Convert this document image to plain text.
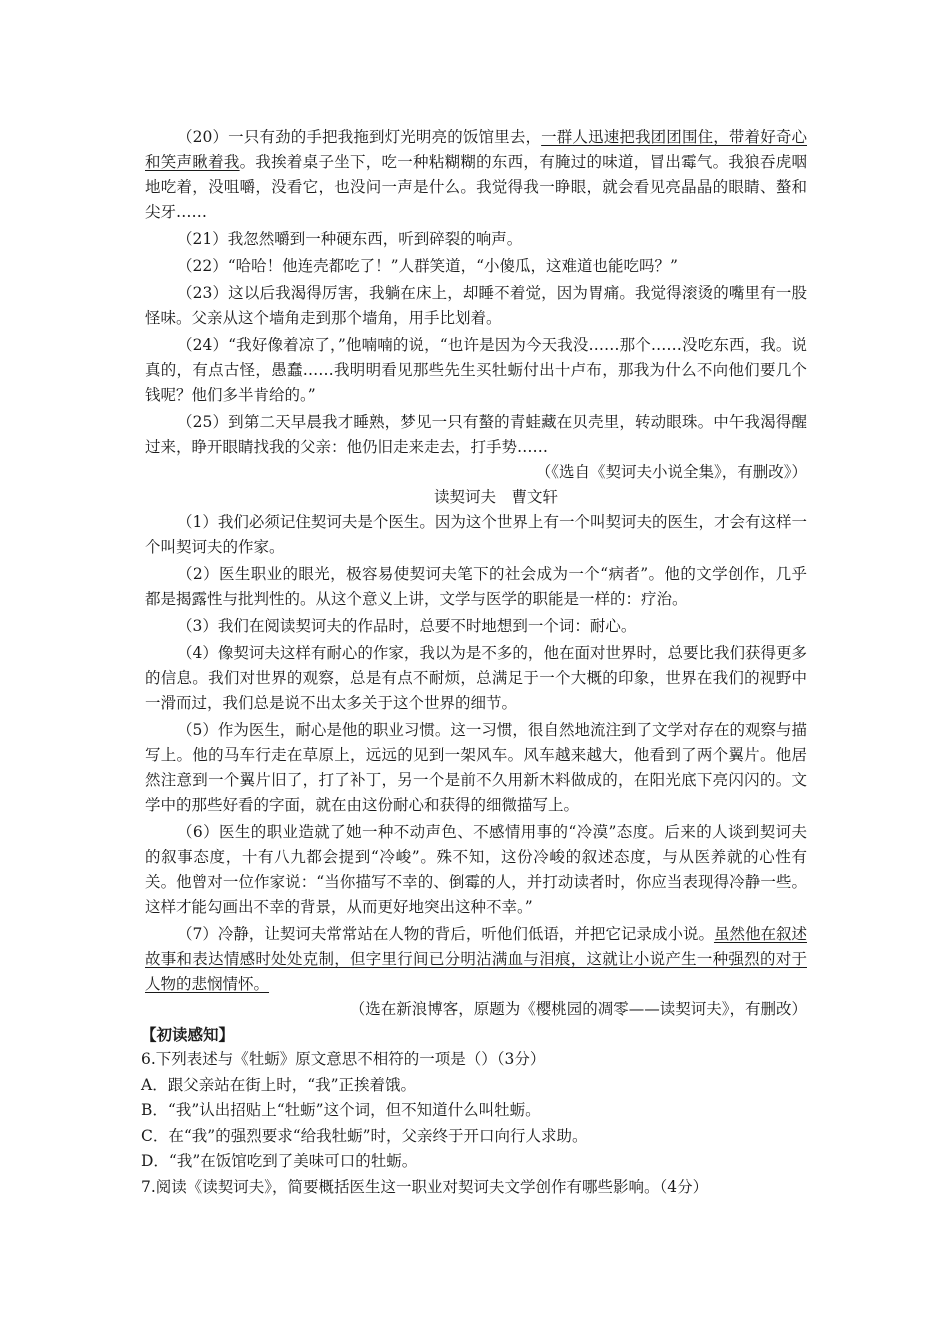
（20）一只有劲的手把我拖到灯光明亮的饭馆里去，一群人迅速把我团团围住，带着好奇心和笑声瞅着我。我挨着桌子坐下，吃一种粘糊糊的东西，有腌过的味道，冒出霉气。我狼吞虎咽地吃着，没咀嚼，没看它，也没问一声是什么。我觉得我一睁眼，就会看见亮晶晶的眼睛、螯和尖牙……

（21）我忽然嚼到一种硬东西，听到碎裂的响声。

（22）“哈哈！他连壳都吃了！”人群笑道，“小傻瓜，这难道也能吃吗？”

（23）这以后我渴得厉害，我躺在床上，却睡不着觉，因为胃痛。我觉得滚烫的嘴里有一股怪味。父亲从这个墙角走到那个墙角，用手比划着。

（24）“我好像着凉了，”他喃喃的说，“也许是因为今天我没……那个……没吃东西，我。说真的，有点古怪，愚蠢……我明明看见那些先生买牡蛎付出十卢布，那我为什么不向他们要几个钱呢？他们多半肯给的。”

（25）到第二天早晨我才睡熟，梦见一只有螯的青蛙藏在贝壳里，转动眼珠。中午我渴得醒过来，睁开眼睛找我的父亲：他仍旧走来走去，打手势……

（《选自《契诃夫小说全集》，有删改》）

读契诃夫　曹文轩

（1）我们必须记住契诃夫是个医生。因为这个世界上有一个叫契诃夫的医生，才会有这样一个叫契诃夫的作家。

（2）医生职业的眼光，极容易使契诃夫笔下的社会成为一个“病者”。他的文学创作，几乎都是揭露性与批判性的。从这个意义上讲，文学与医学的职能是一样的：疗治。

（3）我们在阅读契诃夫的作品时，总要不时地想到一个词：耐心。

（4）像契诃夫这样有耐心的作家，我以为是不多的，他在面对世界时，总要比我们获得更多的信息。我们对世界的观察，总是有点不耐烦，总满足于一个大概的印象，世界在我们的视野中一滑而过，我们总是说不出太多关于这个世界的细节。

（5）作为医生，耐心是他的职业习惯。这一习惯，很自然地流注到了文学对存在的观察与描写上。他的马车行走在草原上，远远的见到一架风车。风车越来越大，他看到了两个翼片。他居然注意到一个翼片旧了，打了补丁，另一个是前不久用新木料做成的，在阳光底下亮闪闪的。文学中的那些好看的字面，就在由这份耐心和获得的细微描写上。

（6）医生的职业造就了她一种不动声色、不感情用事的“冷漠”态度。后来的人谈到契诃夫的叙事态度，十有八九都会提到“冷峻”。殊不知，这份冷峻的叙述态度，与从医养就的心性有关。他曾对一位作家说：“当你描写不幸的、倒霉的人，并打动读者时，你应当表现得冷静一些。这样才能勾画出不幸的背景，从而更好地突出这种不幸。”

（7）冷静，让契诃夫常常站在人物的背后，听他们低语，并把它记录成小说。虽然他在叙述故事和表达情感时处处克制，但字里行间已分明沾满血与泪痕，这就让小说产生一种强烈的对于人物的悲悯情怀。

（选在新浪博客，原题为《樱桃园的凋零——读契诃夫》，有删改）

【初读感知】

6.下列表述与《牡蛎》原文意思不相符的一项是（）（3分）

A．跟父亲站在街上时，“我”正挨着饿。

B．“我”认出招贴上“牡蛎”这个词，但不知道什么叫牡蛎。

C．在“我”的强烈要求“给我牡蛎”时，父亲终于开口向行人求助。

D．“我”在饭馆吃到了美味可口的牡蛎。

7.阅读《读契诃夫》，简要概括医生这一职业对契诃夫文学创作有哪些影响。（4分）
